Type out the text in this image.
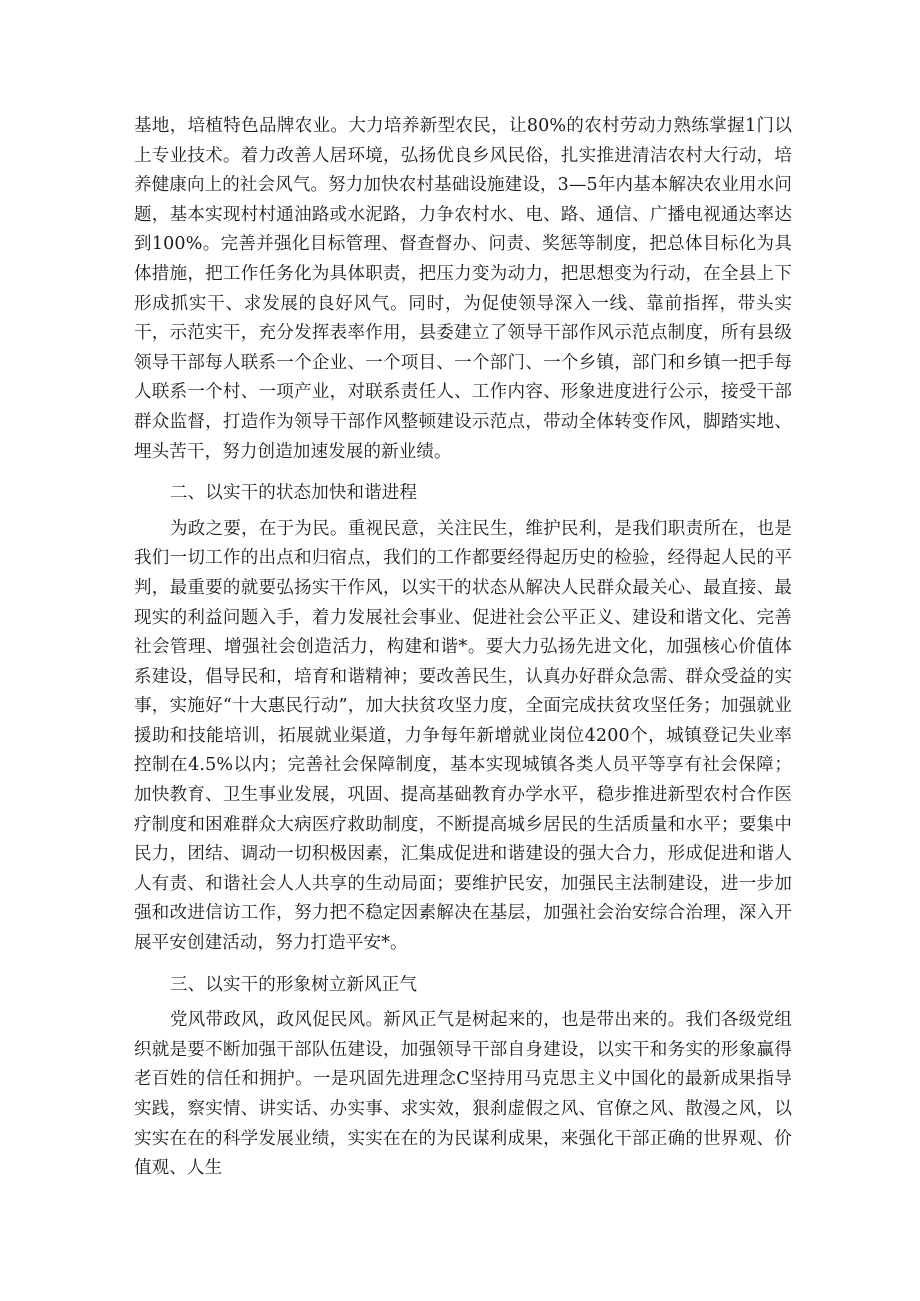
基地，培植特色品牌农业。大力培养新型农民，让80%的农村劳动力熟练掌握1门以上专业技术。着力改善人居环境，弘扬优良乡风民俗，扎实推进清洁农村大行动，培养健康向上的社会风气。努力加快农村基础设施建设，3—5年内基本解决农业用水问题，基本实现村村通油路或水泥路，力争农村水、电、路、通信、广播电视通达率达到100%。完善并强化目标管理、督查督办、问责、奖惩等制度，把总体目标化为具体措施，把工作任务化为具体职责，把压力变为动力，把思想变为行动，在全县上下形成抓实干、求发展的良好风气。同时，为促使领导深入一线、靠前指挥，带头实干，示范实干，充分发挥表率作用，县委建立了领导干部作风示范点制度，所有县级领导干部每人联系一个企业、一个项目、一个部门、一个乡镇，部门和乡镇一把手每人联系一个村、一项产业，对联系责任人、工作内容、形象进度进行公示，接受干部群众监督，打造作为领导干部作风整顿建设示范点，带动全体转变作风，脚踏实地、埋头苦干，努力创造加速发展的新业绩。

二、以实干的状态加快和谐进程

为政之要，在于为民。重视民意，关注民生，维护民利，是我们职责所在，也是我们一切工作的出点和归宿点，我们的工作都要经得起历史的检验，经得起人民的平判，最重要的就要弘扬实干作风，以实干的状态从解决人民群众最关心、最直接、最现实的利益问题入手，着力发展社会事业、促进社会公平正义、建设和谐文化、完善社会管理、增强社会创造活力，构建和谐*。要大力弘扬先进文化，加强核心价值体系建设，倡导民和，培育和谐精神；要改善民生，认真办好群众急需、群众受益的实事，实施好“十大惠民行动”，加大扶贫攻坚力度，全面完成扶贫攻坚任务；加强就业援助和技能培训，拓展就业渠道，力争每年新增就业岗位4200个，城镇登记失业率控制在4.5%以内；完善社会保障制度，基本实现城镇各类人员平等享有社会保障；加快教育、卫生事业发展，巩固、提高基础教育办学水平，稳步推进新型农村合作医疗制度和困难群众大病医疗救助制度，不断提高城乡居民的生活质量和水平；要集中民力，团结、调动一切积极因素，汇集成促进和谐建设的强大合力，形成促进和谐人人有责、和谐社会人人共享的生动局面；要维护民安，加强民主法制建设，进一步加强和改进信访工作，努力把不稳定因素解决在基层，加强社会治安综合治理，深入开展平安创建活动，努力打造平安*。

三、以实干的形象树立新风正气

党风带政风，政风促民风。新风正气是树起来的，也是带出来的。我们各级党组织就是要不断加强干部队伍建设，加强领导干部自身建设，以实干和务实的形象赢得老百姓的信任和拥护。一是巩固先进理念C坚持用马克思主义中国化的最新成果指导实践，察实情、讲实话、办实事、求实效，狠刹虚假之风、官僚之风、散漫之风，以实实在在的科学发展业绩，实实在在的为民谋利成果，来强化干部正确的世界观、价值观、人生
